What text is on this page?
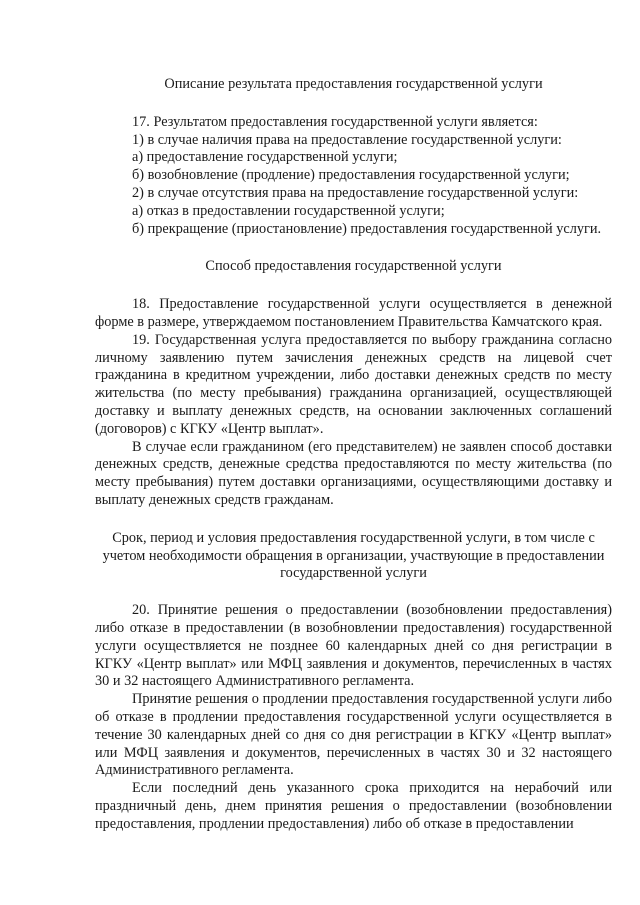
Описание результата предоставления государственной услуги

17. Результатом предоставления государственной услуги является:

1) в случае наличия права на предоставление государственной услуги:

а) предоставление государственной услуги;

б) возобновление (продление) предоставления государственной услуги;

2) в случае отсутствия права на предоставление государственной услуги:

а) отказ в предоставлении государственной услуги;

б) прекращение (приостановление) предоставления государственной услуги.

Способ предоставления государственной услуги

18. Предоставление государственной услуги осуществляется в денежной форме в размере, утверждаемом постановлением Правительства Камчатского края.

19. Государственная услуга предоставляется по выбору гражданина согласно личному заявлению путем зачисления денежных средств на лицевой счет гражданина в кредитном учреждении, либо доставки денежных средств по месту жительства (по месту пребывания) гражданина организацией, осуществляющей доставку и выплату денежных средств, на основании заключенных соглашений (договоров) с КГКУ «Центр выплат».

В случае если гражданином (его представителем) не заявлен способ доставки денежных средств, денежные средства предоставляются по месту жительства (по месту пребывания) путем доставки организациями, осуществляющими доставку и выплату денежных средств гражданам.

Срок, период и условия предоставления государственной услуги, в том числе с учетом необходимости обращения в организации, участвующие в предоставлении государственной услуги

20. Принятие решения о предоставлении (возобновлении предоставления) либо отказе в предоставлении (в возобновлении предоставления) государственной услуги осуществляется не позднее 60 календарных дней со дня регистрации в КГКУ «Центр выплат» или МФЦ заявления и документов, перечисленных в частях 30 и 32 настоящего Административного регламента.

Принятие решения о продлении предоставления государственной услуги либо об отказе в продлении предоставления государственной услуги осуществляется в течение 30 календарных дней со дня со дня регистрации в КГКУ «Центр выплат» или МФЦ заявления и документов, перечисленных в частях 30 и 32 настоящего Административного регламента.

Если последний день указанного срока приходится на нерабочий или праздничный день, днем принятия решения о предоставлении (возобновлении предоставления, продлении предоставления) либо об отказе в предоставлении
